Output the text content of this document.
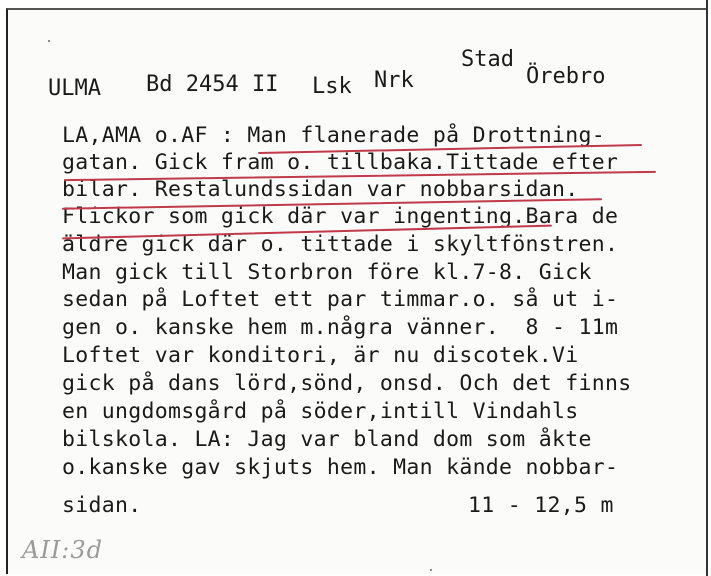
ULMA Bd 2454 II Lsk Nrk
Stad
Örebro
LA,AMA o.AF : Man flanerade på Drottning-
gatan. Gick fram o. tillbaka.Tittade efter
bilar. Restalundssidan var nobbarsidan.
Flickor som gick där var ingenting.Bara de
äldre gick där o. tittade i skyltfönstren.
Man gick till Storbron före kl.7-8. Gick
sedan på Loftet ett par timmar.o. så ut i-
gen o. kanske hem m.några vänner.  8 - 11m
Loftet var konditori, är nu discotek.Vi
gick på dans lörd,sönd, onsd. Och det finns
en ungdomsgård på söder,intill Vindahls
bilskola. LA: Jag var bland dom som åkte
o.kanske gav skjuts hem. Man kände nobbar-
sidan.	11 - 12,5 m
AII:3d
